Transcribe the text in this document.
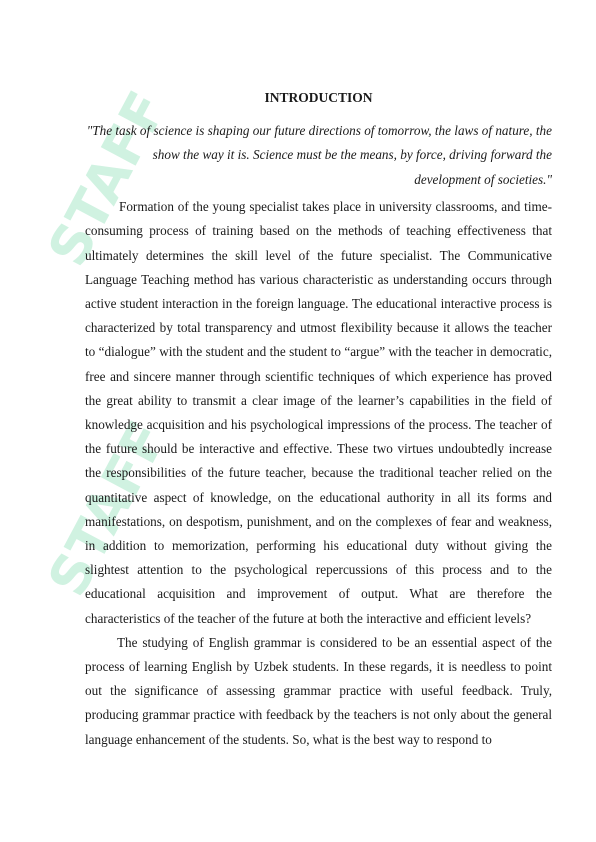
STAFF
STAFF
INTRODUCTION

"The task of science is shaping our future directions of tomorrow, the laws of nature, the show the way it is. Science must be the means, by force, driving forward the development of societies."

Formation of the young specialist takes place in university classrooms, and time-consuming process of training based on the methods of teaching effectiveness that ultimately determines the skill level of the future specialist. The Communicative Language Teaching method has various characteristic as understanding occurs through active student interaction in the foreign language. The educational interactive process is characterized by total transparency and utmost flexibility because it allows the teacher to “dialogue” with the student and the student to “argue” with the teacher in democratic, free and sincere manner through scientific techniques of which experience has proved the great ability to transmit a clear image of the learner’s capabilities in the field of knowledge acquisition and his psychological impressions of the process. The teacher of the future should be interactive and effective. These two virtues undoubtedly increase the responsibilities of the future teacher, because the traditional teacher relied on the quantitative aspect of knowledge, on the educational authority in all its forms and manifestations, on despotism, punishment, and on the complexes of fear and weakness, in addition to memorization, performing his educational duty without giving the slightest attention to the psychological repercussions of this process and to the educational acquisition and improvement of output. What are therefore the characteristics of the teacher of the future at both the interactive and efficient levels?

The studying of English grammar is considered to be an essential aspect of the process of learning English by Uzbek students. In these regards, it is needless to point out the significance of assessing grammar practice with useful feedback. Truly, producing grammar practice with feedback by the teachers is not only about the general language enhancement of the students. So, what is the best way to respond to
